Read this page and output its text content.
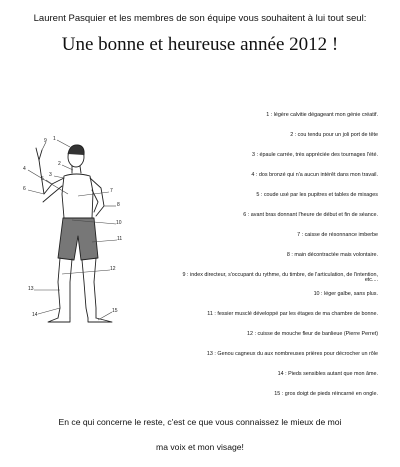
Laurent Pasquier et les membres de son équipe vous souhaitent à lui tout seul:
Une bonne et heureuse année 2012 !
1
2
3
4
5
6	7
8
9
10
11
12
13
14
15
1 : légère calvitie dégageant mon génie créatif.
2 : cou tendu pour un joli port de tête
3 : épaule carrée, très appréciée des tournages l'été.
4 : dos bronzé qui n'a aucun intérêt dans mon travail.
5 : coude usé par les pupitres et tables de mixages
6 : avant bras donnant l'heure de début et fin de séance.
7 : caisse de résonnance imberbe
8 : main décontractée mais volontaire.
9 : index directeur, s'occupant du rythme, du timbre, de l'articulation, de l'intention, etc....
10 : léger galbe, sans plus.
11 : fessier musclé développé par les étages de ma chambre de bonne.
12 : cuisse de mouche fleur de banlieue (Pierre Perret)
13 : Genou cagneux du aux nombreuses prières pour décrocher un rôle
14 : Pieds sensibles autant que mon âme.
15 : gros doigt de pieds réincarné en ongle.
En ce qui concerne le reste, c'est ce que vous connaissez le mieux de moi
ma voix et mon visage!
